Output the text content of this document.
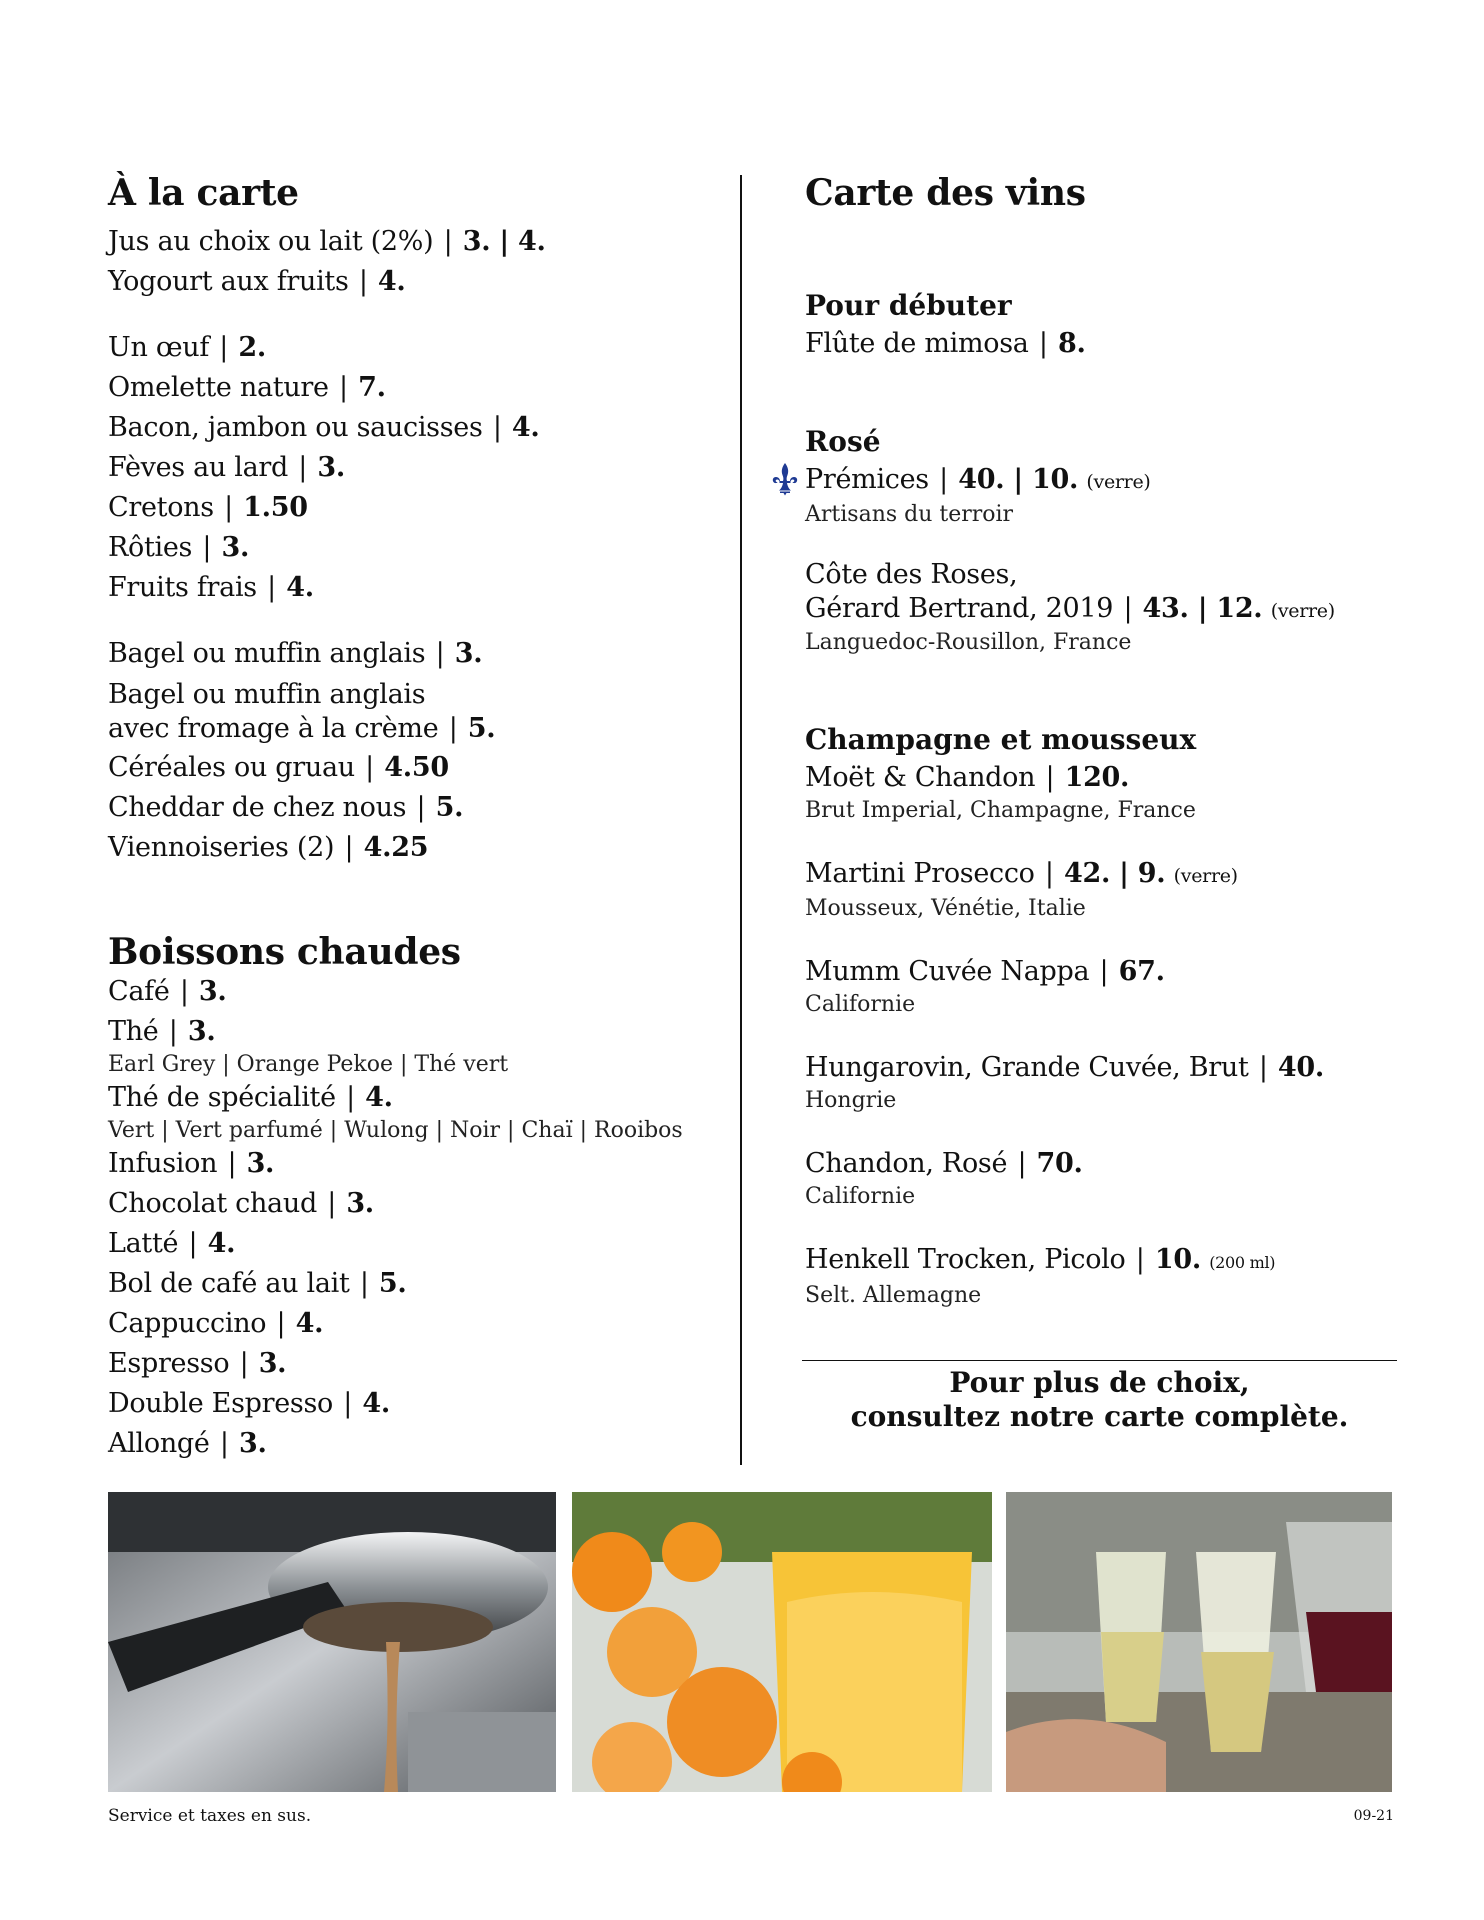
À la carte
Jus au choix ou lait (2%) | 3. | 4.
Yogourt aux fruits | 4.
Un œuf | 2.
Omelette nature | 7.
Bacon, jambon ou saucisses | 4.
Fèves au lard | 3.
Cretons | 1.50
Rôties | 3.
Fruits frais | 4.
Bagel ou muffin anglais | 3.
Bagel ou muffin anglais
avec fromage à la crème | 5.
Céréales ou gruau | 4.50
Cheddar de chez nous | 5.
Viennoiseries (2) | 4.25
Boissons chaudes
Café | 3.
Thé | 3.
Earl Grey | Orange Pekoe | Thé vert
Thé de spécialité | 4.
Vert | Vert parfumé | Wulong | Noir | Chaï | Rooibos
Infusion | 3.
Chocolat chaud | 3.
Latté | 4.
Bol de café au lait | 5.
Cappuccino | 4.
Espresso | 3.
Double Espresso | 4.
Allongé | 3.
Carte des vins
Pour débuter
Flûte de mimosa | 8.
Rosé
Prémices | 40. | 10. (verre)
Artisans du terroir
Côte des Roses,
Gérard Bertrand, 2019 | 43. | 12. (verre)
Languedoc-Rousillon, France
Champagne et mousseux
Moët & Chandon | 120.
Brut Imperial, Champagne, France
Martini Prosecco | 42. | 9. (verre)
Mousseux, Vénétie, Italie
Mumm Cuvée Nappa | 67.
Californie
Hungarovin, Grande Cuvée, Brut | 40.
Hongrie
Chandon, Rosé | 70.
Californie
Henkell Trocken, Picolo | 10. (200 ml)
Selt. Allemagne
Pour plus de choix,
consultez notre carte complète.
Service et taxes en sus.	09-21
